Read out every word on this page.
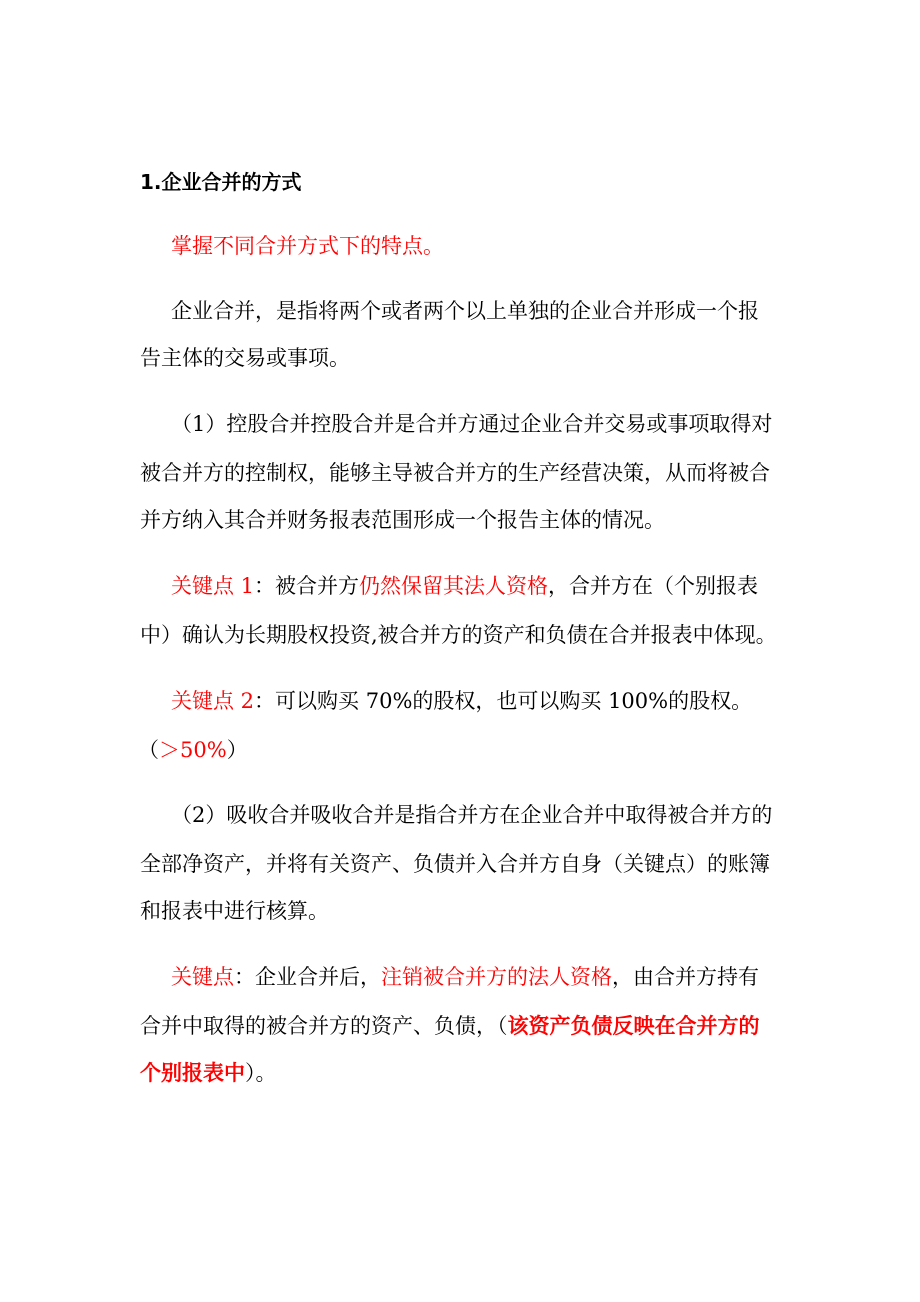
1.企业合并的方式
掌握不同合并方式下的特点。
企业合并，是指将两个或者两个以上单独的企业合并形成一个报
告主体的交易或事项。
（1）控股合并控股合并是合并方通过企业合并交易或事项取得对
被合并方的控制权，能够主导被合并方的生产经营决策，从而将被合
并方纳入其合并财务报表范围形成一个报告主体的情况。
关键点 1：被合并方仍然保留其法人资格，合并方在（个别报表
中）确认为长期股权投资,被合并方的资产和负债在合并报表中体现。
关键点 2：可以购买 70%的股权，也可以购买 100%的股权。
（＞50%）
（2）吸收合并吸收合并是指合并方在企业合并中取得被合并方的
全部净资产，并将有关资产、负债并入合并方自身（关键点）的账簿
和报表中进行核算。
关键点：企业合并后，注销被合并方的法人资格，由合并方持有
合并中取得的被合并方的资产、负债，（该资产负债反映在合并方的
个别报表中）。
